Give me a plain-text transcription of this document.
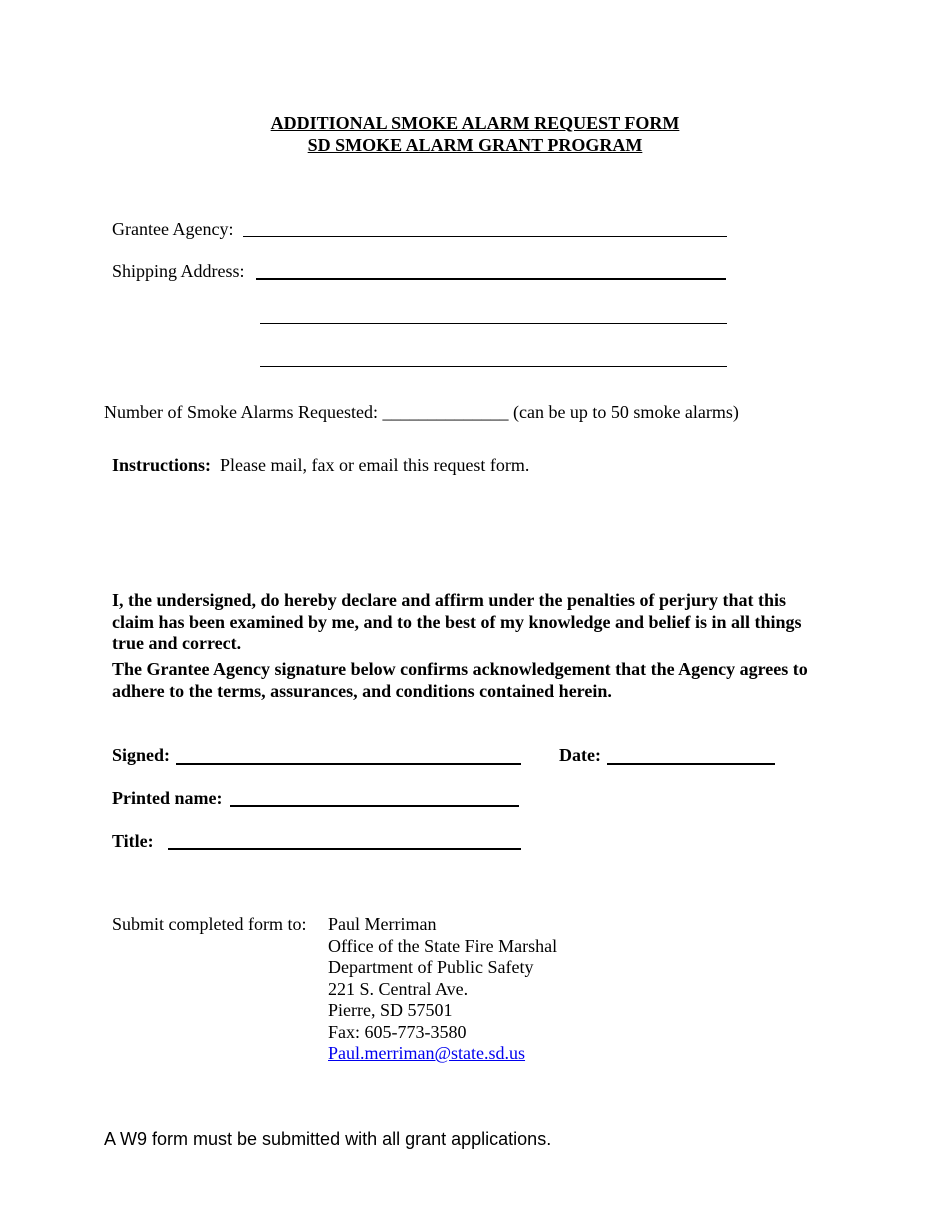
ADDITIONAL SMOKE ALARM REQUEST FORM
SD SMOKE ALARM GRANT PROGRAM
Grantee Agency:
Shipping Address:
Number of Smoke Alarms Requested: ______________ (can be up to 50 smoke alarms)
Instructions: Please mail, fax or email this request form.
I, the undersigned, do hereby declare and affirm under the penalties of perjury that this claim has been examined by me, and to the best of my knowledge and belief is in all things true and correct.
The Grantee Agency signature below confirms acknowledgement that the Agency agrees to adhere to the terms, assurances, and conditions contained herein.
Signed:	Date:
Printed name:
Title:
Submit completed form to: Paul Merriman
Office of the State Fire Marshal
Department of Public Safety
221 S. Central Ave.
Pierre, SD 57501
Fax: 605-773-3580
Paul.merriman@state.sd.us
A W9 form must be submitted with all grant applications.
